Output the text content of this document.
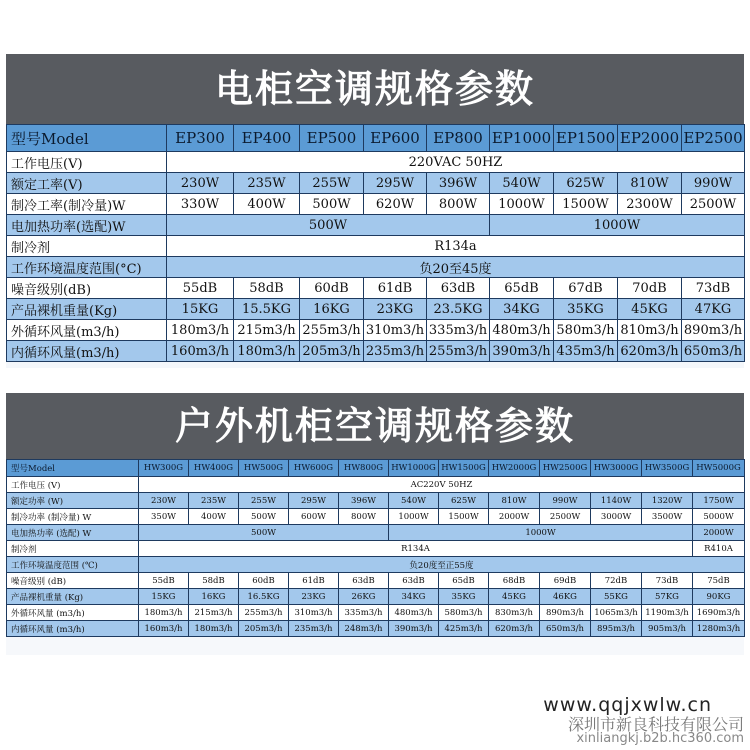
电柜空调规格参数
型号Model	EP300	EP400	EP500	EP600	EP800	EP1000	EP1500	EP2000	EP2500
工作电压(V)	220VAC 50HZ								
额定工率(V)	230W	235W	255W	295W	396W	540W	625W	810W	990W
制冷工率(制冷量)W	330W	400W	500W	620W	800W	1000W	1500W	2300W	2500W
电加热功率(选配)W	500W					1000W			
制冷剂	R134a								
工作环境温度范围(°C)	负20至45度								
噪音级别(dB)	55dB	58dB	60dB	61dB	63dB	65dB	67dB	70dB	73dB
产品裸机重量(Kg)	15KG	15.5KG	16KG	23KG	23.5KG	34KG	35KG	45KG	47KG
外循环风量(m3/h)	180m3/h	215m3/h	255m3/h	310m3/h	335m3/h	480m3/h	580m3/h	810m3/h	890m3/h
内循环风量(m3/h)	160m3/h	180m3/h	205m3/h	235m3/h	255m3/h	390m3/h	435m3/h	620m3/h	650m3/h
户外机柜空调规格参数
型号Model	HW300G	HW400G	HW500G	HW600G	HW800G	HW1000G	HW1500G	HW2000G	HW2500G	HW3000G	HW3500G	HW5000G
工作电压 (V)	AC220V 50HZ											
额定功率 (W)	230W	235W	255W	295W	396W	540W	625W	810W	990W	1140W	1320W	1750W
制冷功率 (制冷量) W	350W	400W	500W	600W	800W	1000W	1500W	2000W	2500W	3000W	3500W	5000W
电加热功率 (选配) W	500W					1000W						2000W
制冷剂	R134A											R410A
工作环境温度范围 (℃)	负20度至正55度											
噪音级别 (dB)	55dB	58dB	60dB	61dB	63dB	63dB	65dB	68dB	69dB	72dB	73dB	75dB
产品裸机重量 (Kg)	15KG	16KG	16.5KG	23KG	26KG	34KG	35KG	45KG	46KG	55KG	57KG	90KG
外循环风量 (m3/h)	180m3/h	215m3/h	255m3/h	310m3/h	335m3/h	480m3/h	580m3/h	830m3/h	890m3/h	1065m3/h	1190m3/h	1690m3/h
内循环风量 (m3/h)	160m3/h	180m3/h	205m3/h	235m3/h	248m3/h	390m3/h	425m3/h	620m3/h	650m3/h	895m3/h	905m3/h	1280m3/h
www.qqjxwlw.cn
深圳市新良科技有限公司
xinliangkj.b2b.hc360.com
